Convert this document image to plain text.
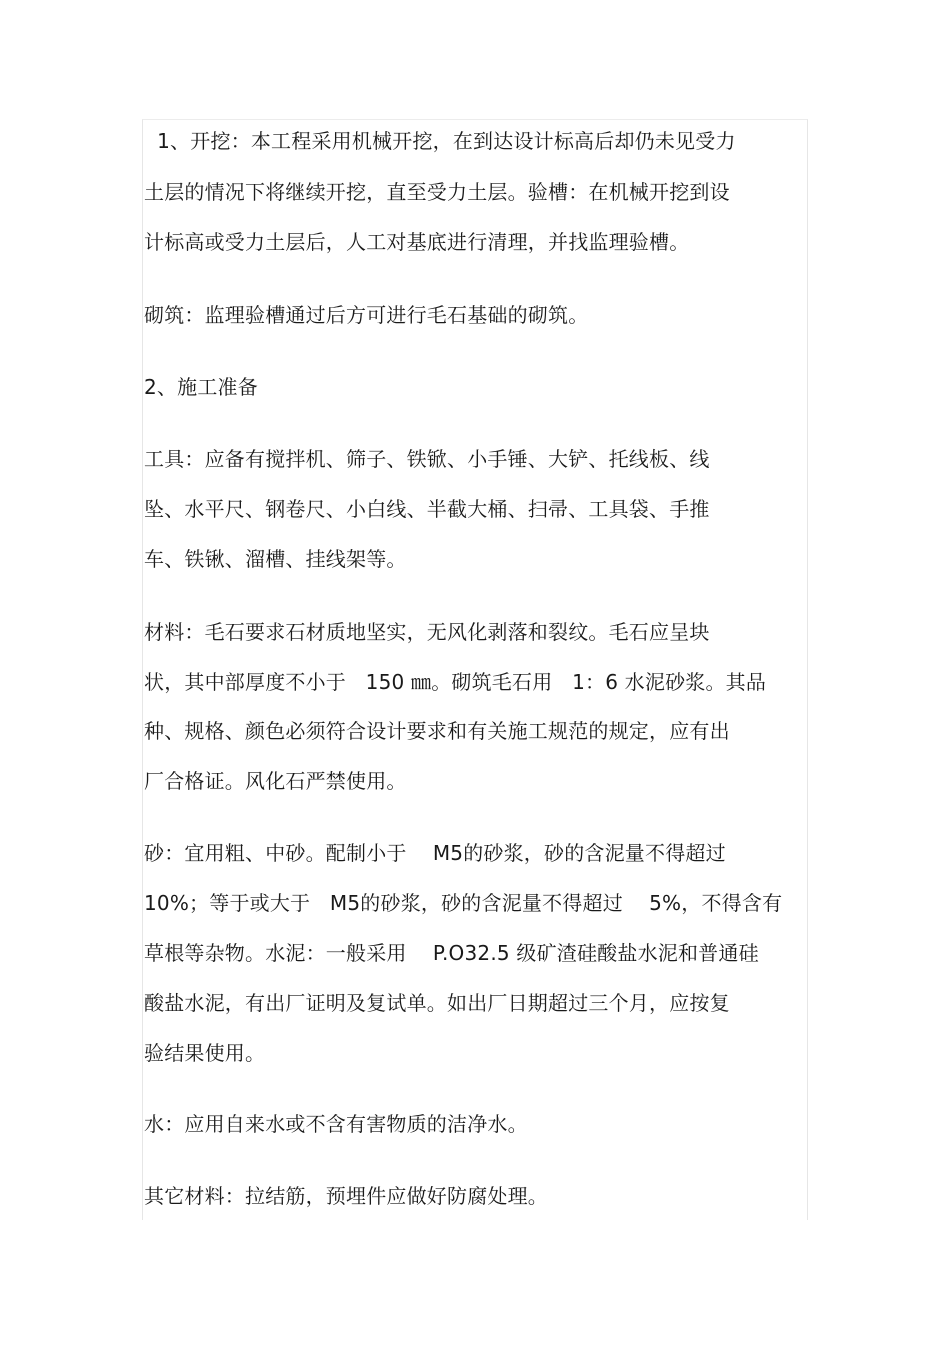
1、开挖：本工程采用机械开挖，在到达设计标高后却仍未见受力
土层的情况下将继续开挖，直至受力土层。验槽：在机械开挖到设
计标高或受力土层后，人工对基底进行清理，并找监理验槽。
砌筑：监理验槽通过后方可进行毛石基础的砌筑。
2、施工准备
工具：应备有搅拌机、筛子、铁锨、小手锤、大铲、托线板、线
坠、水平尺、钢卷尺、小白线、半截大桶、扫帚、工具袋、手推
车、铁锹、溜槽、挂线架等。
材料：毛石要求石材质地坚实，无风化剥落和裂纹。毛石应呈块
状，其中部厚度不小于   150 ㎜。砌筑毛石用   1：6 水泥砂浆。其品
种、规格、颜色必须符合设计要求和有关施工规范的规定，应有出
厂合格证。风化石严禁使用。
砂：宜用粗、中砂。配制小于    M5的砂浆，砂的含泥量不得超过
10%；等于或大于   M5的砂浆，砂的含泥量不得超过    5%，不得含有
草根等杂物。水泥：一般采用    P.O32.5 级矿渣硅酸盐水泥和普通硅
酸盐水泥，有出厂证明及复试单。如出厂日期超过三个月，应按复
验结果使用。
水：应用自来水或不含有害物质的洁净水。
其它材料：拉结筋，预埋件应做好防腐处理。
